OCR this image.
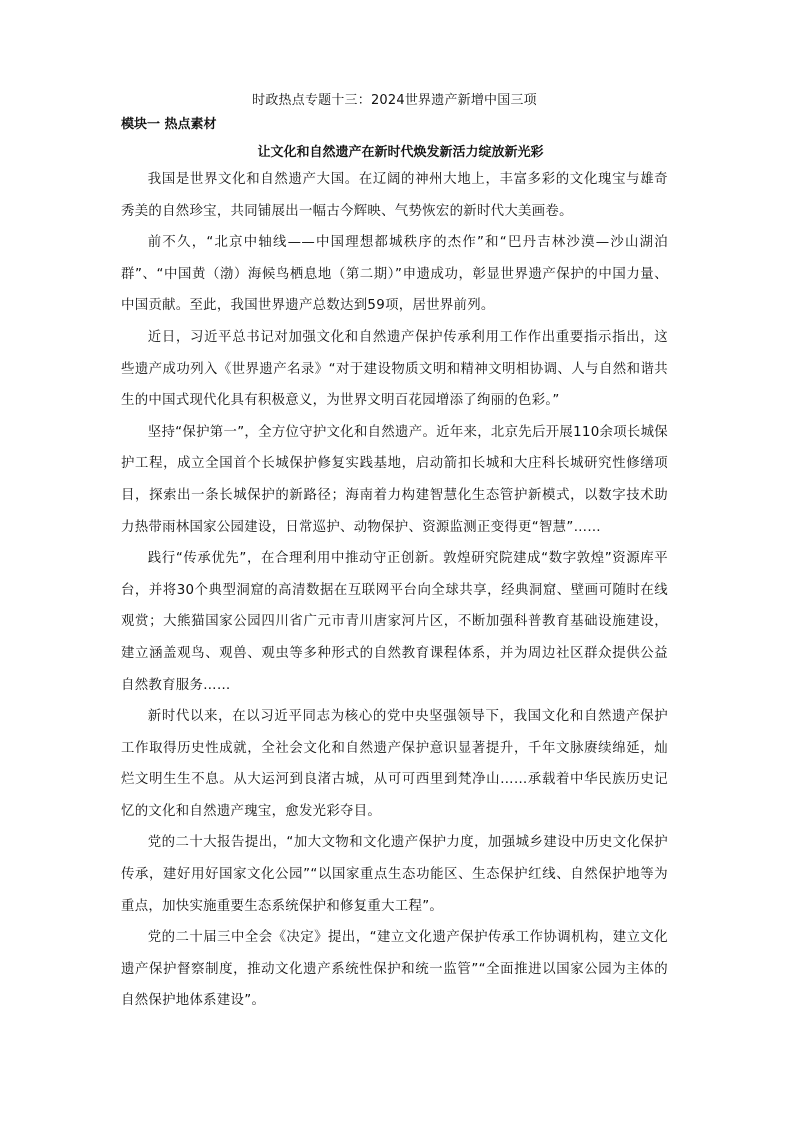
时政热点专题十三：2024世界遗产新增中国三项
模块一 热点素材
让文化和自然遗产在新时代焕发新活力绽放新光彩

我国是世界文化和自然遗产大国。在辽阔的神州大地上，丰富多彩的文化瑰宝与雄奇秀美的自然珍宝，共同铺展出一幅古今辉映、气势恢宏的新时代大美画卷。

前不久，“北京中轴线——中国理想都城秩序的杰作”和“巴丹吉林沙漠—沙山湖泊群”、“中国黄（渤）海候鸟栖息地（第二期）”申遗成功，彰显世界遗产保护的中国力量、中国贡献。至此，我国世界遗产总数达到59项，居世界前列。

近日，习近平总书记对加强文化和自然遗产保护传承利用工作作出重要指示指出，这些遗产成功列入《世界遗产名录》“对于建设物质文明和精神文明相协调、人与自然和谐共生的中国式现代化具有积极意义，为世界文明百花园增添了绚丽的色彩。”

坚持“保护第一”，全方位守护文化和自然遗产。近年来，北京先后开展110余项长城保护工程，成立全国首个长城保护修复实践基地，启动箭扣长城和大庄科长城研究性修缮项目，探索出一条长城保护的新路径；海南着力构建智慧化生态管护新模式，以数字技术助力热带雨林国家公园建设，日常巡护、动物保护、资源监测正变得更“智慧”……

践行“传承优先”，在合理利用中推动守正创新。敦煌研究院建成“数字敦煌”资源库平台，并将30个典型洞窟的高清数据在互联网平台向全球共享，经典洞窟、壁画可随时在线观赏；大熊猫国家公园四川省广元市青川唐家河片区，不断加强科普教育基础设施建设，建立涵盖观鸟、观兽、观虫等多种形式的自然教育课程体系，并为周边社区群众提供公益自然教育服务……

新时代以来，在以习近平同志为核心的党中央坚强领导下，我国文化和自然遗产保护工作取得历史性成就，全社会文化和自然遗产保护意识显著提升，千年文脉赓续绵延，灿烂文明生生不息。从大运河到良渚古城，从可可西里到梵净山……承载着中华民族历史记忆的文化和自然遗产瑰宝，愈发光彩夺目。

党的二十大报告提出，“加大文物和文化遗产保护力度，加强城乡建设中历史文化保护传承，建好用好国家文化公园”“以国家重点生态功能区、生态保护红线、自然保护地等为重点，加快实施重要生态系统保护和修复重大工程”。

党的二十届三中全会《决定》提出，“建立文化遗产保护传承工作协调机构，建立文化遗产保护督察制度，推动文化遗产系统性保护和统一监管”“全面推进以国家公园为主体的自然保护地体系建设”。
